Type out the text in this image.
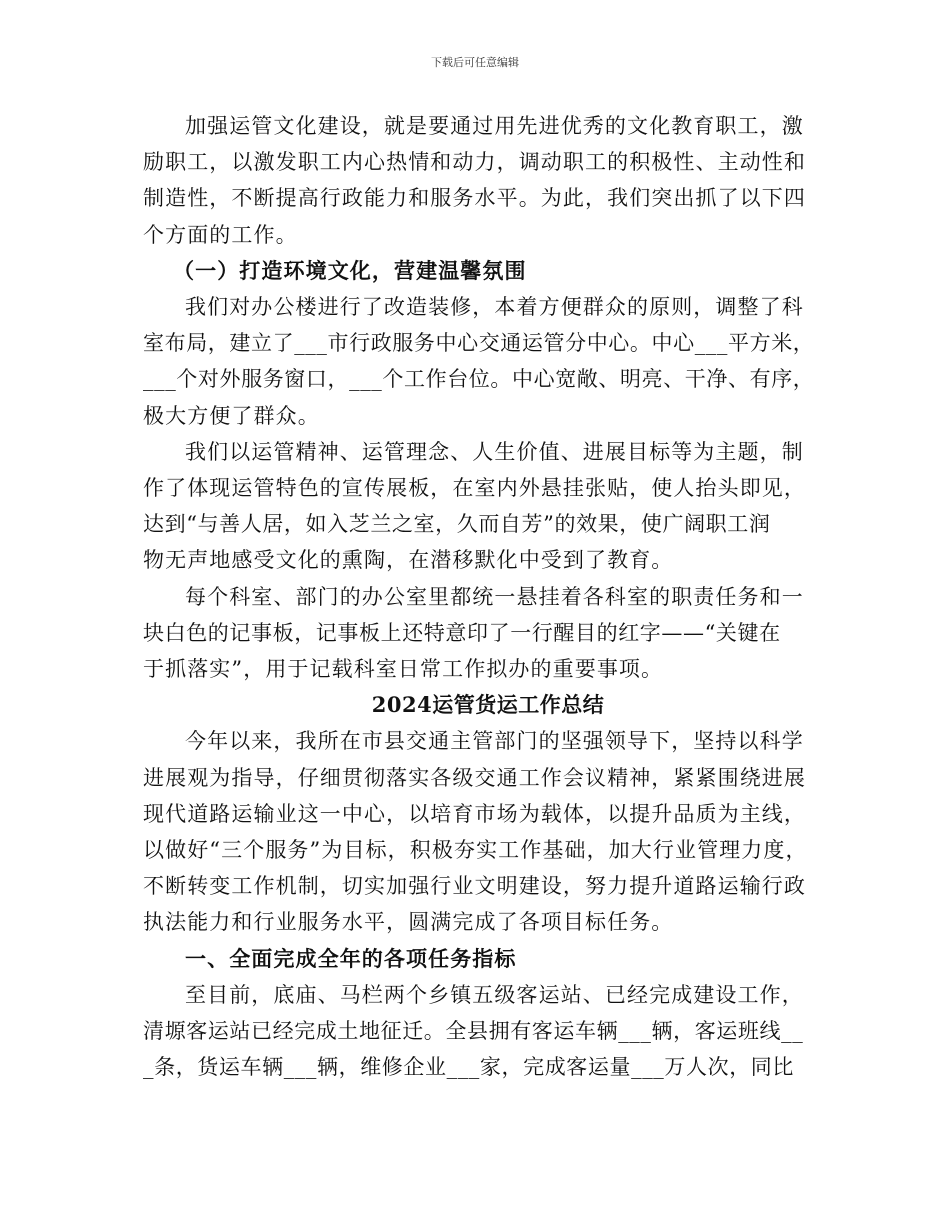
下载后可任意编辑
加强运管文化建设，就是要通过用先进优秀的文化教育职工，激
励职工，以激发职工内心热情和动力，调动职工的积极性、主动性和
制造性，不断提高行政能力和服务水平。为此，我们突出抓了以下四
个方面的工作。
（一）打造环境文化，营建温馨氛围
我们对办公楼进行了改造装修，本着方便群众的原则，调整了科
室布局，建立了___市行政服务中心交通运管分中心。中心___平方米，
___个对外服务窗口，___个工作台位。中心宽敞、明亮、干净、有序，
极大方便了群众。
我们以运管精神、运管理念、人生价值、进展目标等为主题，制
作了体现运管特色的宣传展板，在室内外悬挂张贴，使人抬头即见，
达到“与善人居，如入芝兰之室，久而自芳”的效果，使广阔职工润
物无声地感受文化的熏陶，在潜移默化中受到了教育。
每个科室、部门的办公室里都统一悬挂着各科室的职责任务和一
块白色的记事板，记事板上还特意印了一行醒目的红字——“关键在
于抓落实”，用于记载科室日常工作拟办的重要事项。
2024运管货运工作总结
今年以来，我所在市县交通主管部门的坚强领导下，坚持以科学
进展观为指导，仔细贯彻落实各级交通工作会议精神，紧紧围绕进展
现代道路运输业这一中心，以培育市场为载体，以提升品质为主线，
以做好“三个服务”为目标，积极夯实工作基础，加大行业管理力度，
不断转变工作机制，切实加强行业文明建设，努力提升道路运输行政
执法能力和行业服务水平，圆满完成了各项目标任务。
一、全面完成全年的各项任务指标
至目前，底庙、马栏两个乡镇五级客运站、已经完成建设工作，
清塬客运站已经完成土地征迁。全县拥有客运车辆___辆，客运班线__
_条，货运车辆___辆，维修企业___家，完成客运量___万人次，同比
